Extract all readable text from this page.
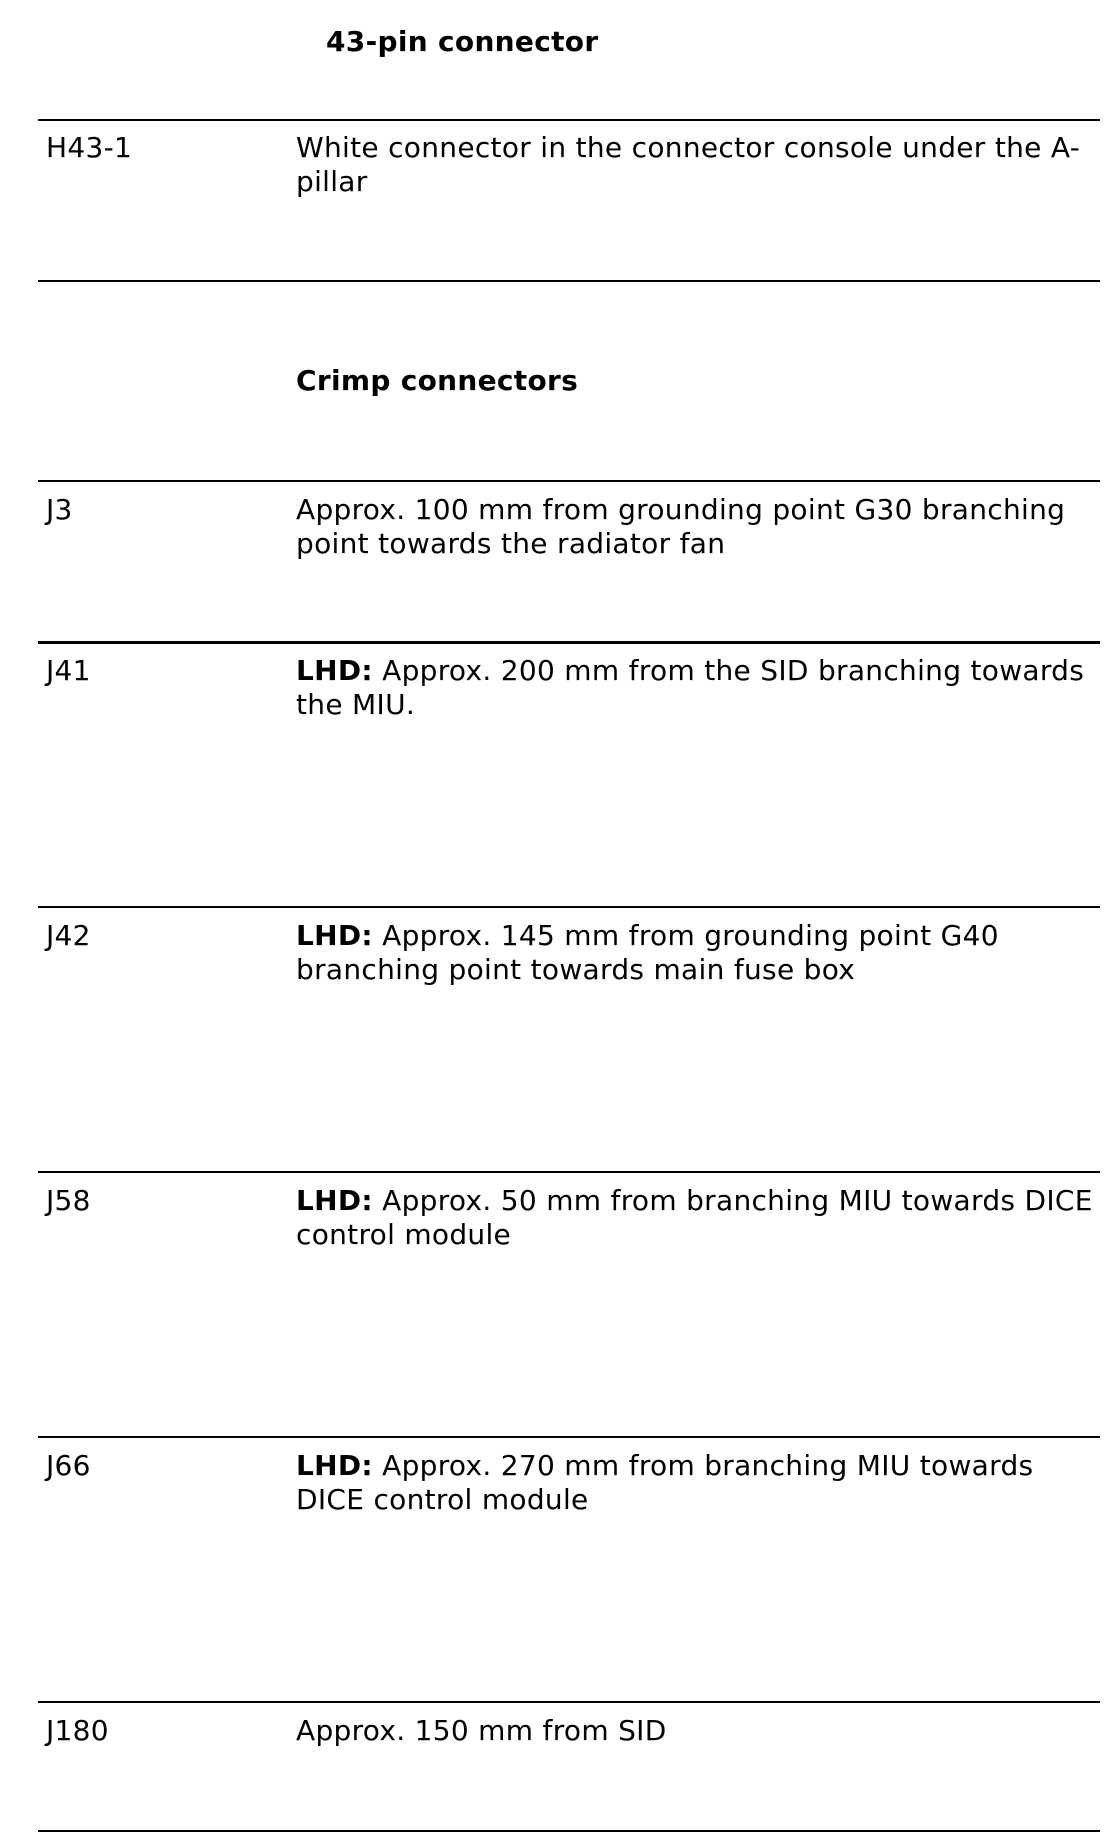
43-pin connector
H43-1	White connector in the connector console under the A-pillar
Crimp connectors
J3	Approx. 100 mm from grounding point G30 branching point towards the radiator fan
J41	LHD: Approx. 200 mm from the SID branching towards the MIU.
J42	LHD: Approx. 145 mm from grounding point G40 branching point towards main fuse box
J58	LHD: Approx. 50 mm from branching MIU towards DICE control module
J66	LHD: Approx. 270 mm from branching MIU towards DICE control module
J180	Approx. 150 mm from SID
